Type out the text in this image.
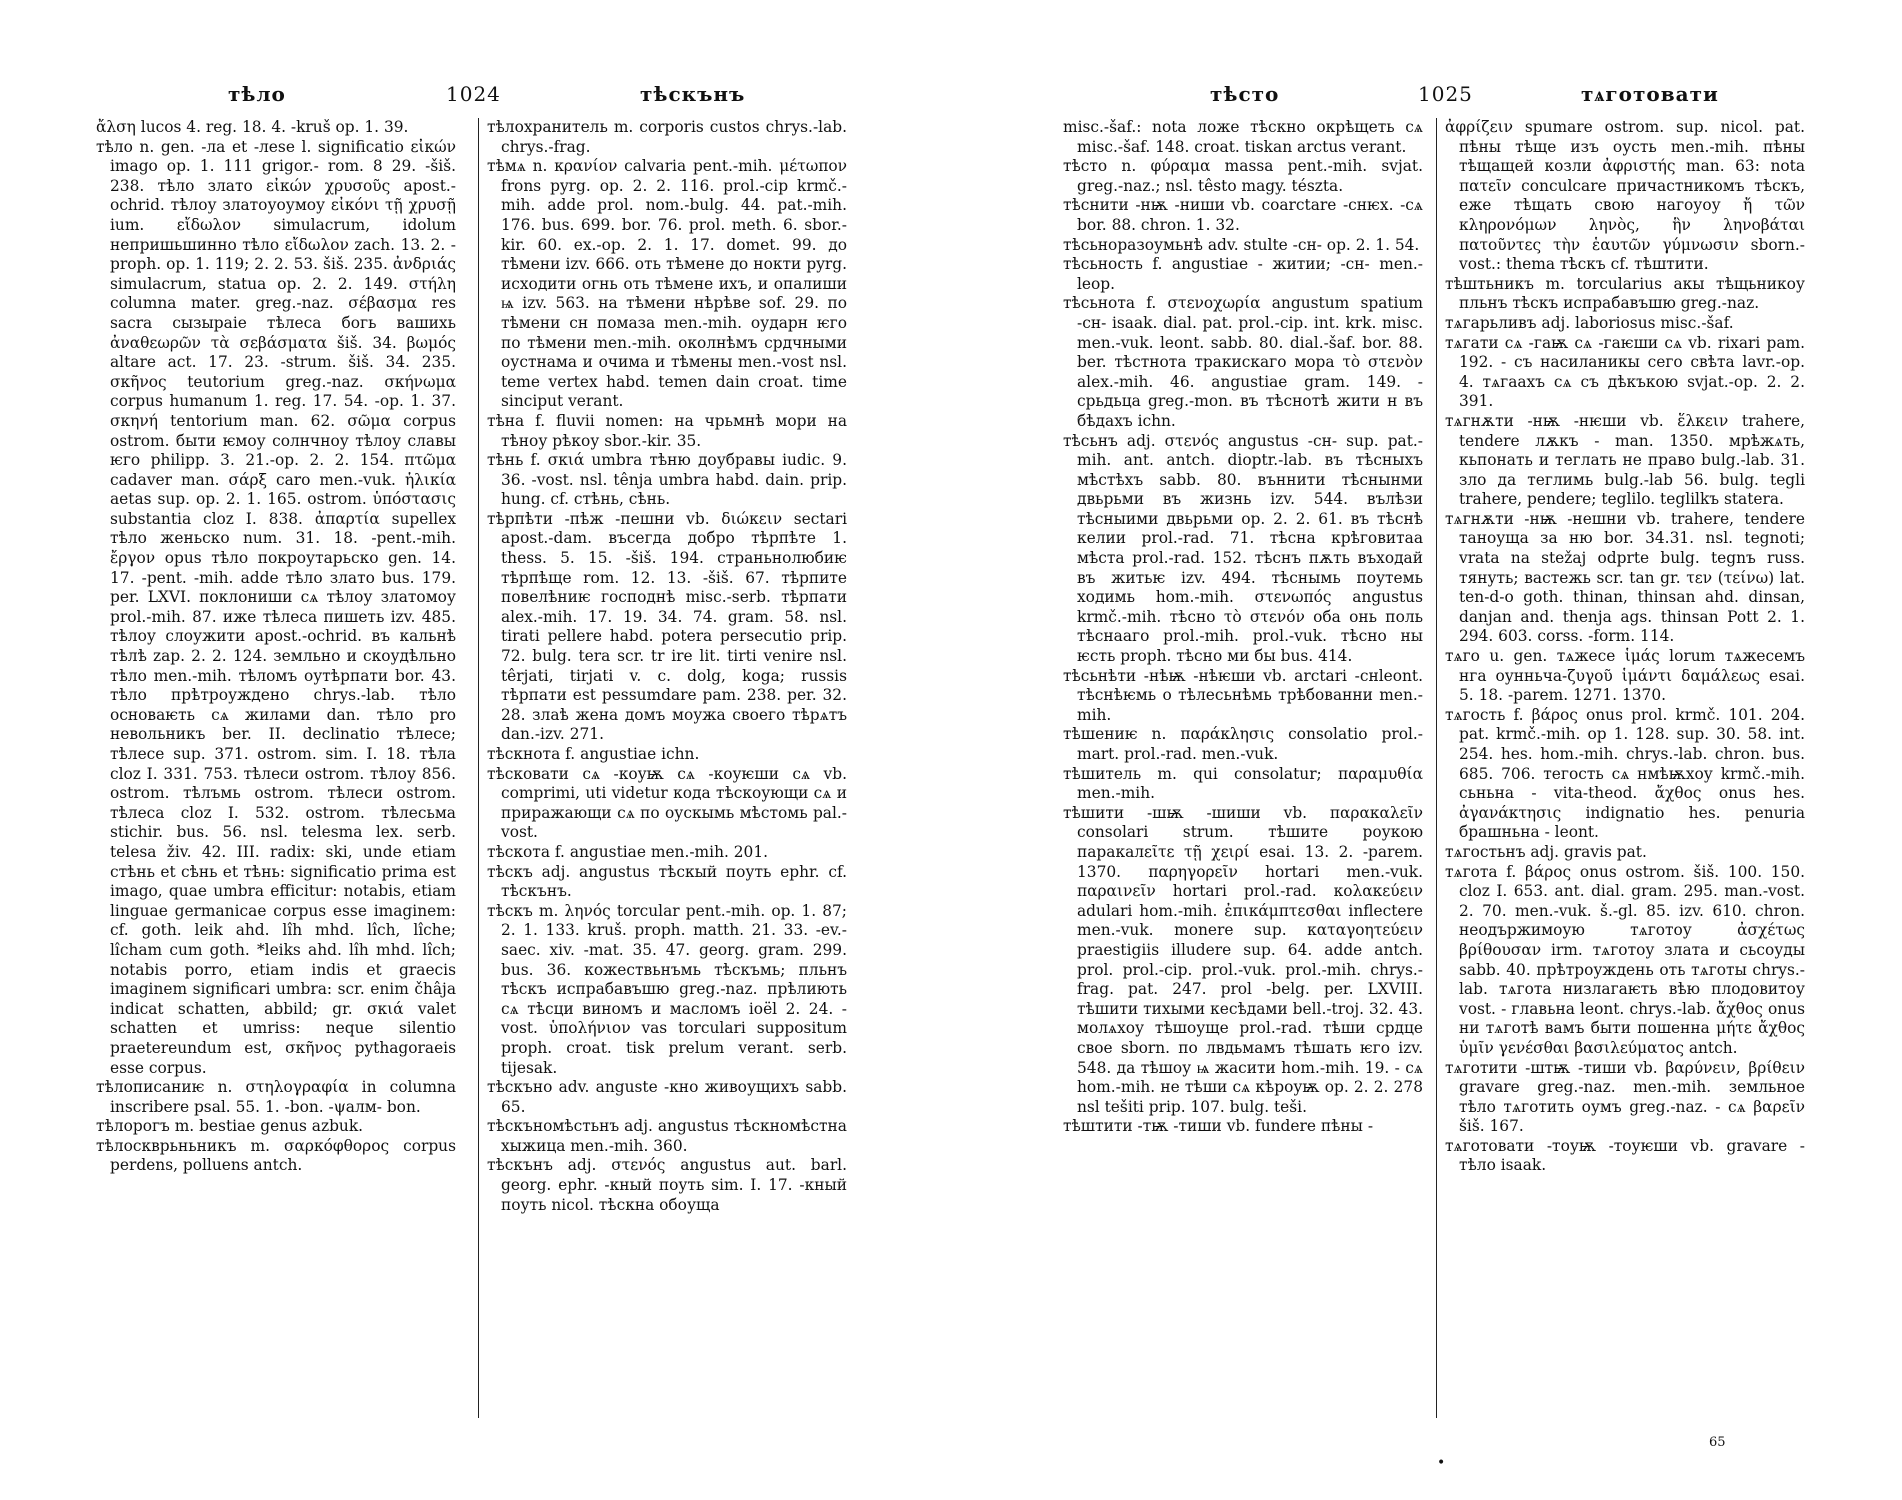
тѣло	1024	тѣскънъ

ἄλση lucos 4. reg. 18. 4. -kruš op. 1. 39.

тѣло n. gen. -лa et -леѕе l. significatio εἰκών imago op. 1. 111 grigor.- rom. 8 29. -šiš. 238. тѣло злато εἰκών χρυσοῦς apost.-ochrid. тѣлоу златоуоумоу εἰκόνι τῇ χρυσῇ ium. εἴδωλον simulacrum, idolum непришьшинно тѣло εἴδωλον zach. 13. 2. -proph. op. 1. 119; 2. 2. 53. šiš. 235. ἀνδριάς simulacrum, statua op. 2. 2. 149. στήλη columna mater. greg.-naz. σέβασμα res sacra сызыраіе тѣлеса богь вашихь ἀναθεωρῶν τὰ σεβάσματα šiš. 34. βωμός altare act. 17. 23. -strum. šiš. 34. 235. σκῆνος teutorium greg.-naz. σκήνωμα corpus humanum 1. reg. 17. 54. -op. 1. 37. σκηνή tentorium man. 62. σῶμα corpus ostrom. быти ѥмоу солнчноу тѣлоу славы ѥго philipp. 3. 21.-op. 2. 2. 154. πτῶμα cadaver man. σάρξ caro men.-vuk. ἡλικία aetas sup. op. 2. 1. 165. ostrom. ὑπόστασις substantia cloz I. 838. ἀπαρτία supellex тѣло женьско num. 31. 18. -pent.-mih. ἔργον opus тѣло покроутарьско gen. 14. 17. -pent. -mih. adde тѣло злато bus. 179. per. LXVI. поклониши сѧ тѣлоу златомоу prol.-mih. 87. иже тѣлеса пишеть izv. 485. тѣлоу слоужити apost.-ochrid. въ кальнѣ тѣлѣ zap. 2. 2. 124. земльно и скоудѣльно тѣло men.-mih. тѣломъ оутѣрпати bor. 43. тѣло прѣтроуждено chrys.-lab. тѣло основаѥть сѧ жилами dan. тѣло pro невольникъ ber. II. declinatio тѣлесе; тѣлесе sup. 371. ostrom. sim. I. 18. тѣла cloz I. 331. 753. тѣлеси ostrom. тѣлоу 856. ostrom. тѣлъмь ostrom. тѣлеси ostrom. тѣлеса cloz I. 532. ostrom. тѣлесьма stichir. bus. 56. nsl. telesma lex. serb. telesa živ. 42. III. radix: ski, unde etiam стѣнь et сѣнь et тѣнь: significatio prima est imago, quae umbra efficitur: notabis, etiam linguae germanicae corpus esse imaginem: cf. goth. leik ahd. lîh mhd. lîch, lîche; lîcham cum goth. *leiks ahd. lîh mhd. lîch; notabis porro, etiam indis et graecis imaginem significari umbra: scr. enim čhâja indicat schatten, abbild; gr. σκιά valet schatten et umriss: neque silentio praetereundum est, σκῆνος pythagoraeis esse corpus.

тѣлописаниѥ n. στηλογραφία in columna inscribere psal. 55. 1. -bon. -ψалм- bon.

тѣлорогъ m. bestiae genus azbuk.

тѣлоскврьньникъ m. σαρκόφθορος corpus perdens, polluens antch.

тѣлохранитель m. corporis custos chrys.-lab. chrys.-frag.

тѣмѧ n. κρανίον calvaria pent.-mih. μέτωπον frons pyrg. op. 2. 2. 116. prol.-cip krmč.-mih. adde prol. nom.-bulg. 44. pat.-mih. 176. bus. 699. bor. 76. prol. meth. 6. sbor.-kir. 60. ex.-op. 2. 1. 17. domet. 99. до тѣмени izv. 666. оть тѣмене до нокти pyrg. исходити огнь оть тѣмене ихъ, и опалиши ѩ izv. 563. на тѣмени нѣрѣве sof. 29. по тѣмени сн помаза men.-mih. оударн ѥго по тѣмени men.-mih. околнѣмъ срдчными оустнама и очима и тѣмены men.-vost nsl. teme vertex habd. temen dain croat. time sinciput verant.

тѣна f. fluvii nomen: на чрьмнѣ мори на тѣноу рѣкоу sbor.-kir. 35.

тѣнь f. σκιά umbra тѣню доубравы iudic. 9. 36. -vost. nsl. tênja umbra habd. dain. prip. hung. cf. стѣнь, сѣнь.

тѣрпѣти -пѣж -пешни vb. διώκειν sectari apost.-dam. въсегда добро тѣрпѣте 1. thess. 5. 15. -šiš. 194. страньнолюбиѥ тѣрпѣще rom. 12. 13. -šiš. 67. тѣрпите повелѣниѥ господнѣ misc.-serb. тѣрпати alex.-mih. 17. 19. 34. 74. gram. 58. nsl. tirati pellere habd. potera persecutio prip. 72. bulg. tera scr. tr ire lit. tirti venire nsl. têrjati, tirjati v. c. dolg, koga; russis тѣрпати est pessumdare pam. 238. per. 32. 28. злаѣ жена домъ моужа своего тѣрѧтъ dan.-izv. 271.

тѣскнота f. angustiae ichn.

тѣсковати сѧ -коуѭ сѧ -коуѥши сѧ vb. comprimi, uti videtur кода тѣскоующи сѧ и приражающи сѧ по оускымь мѣстомь pal.-vost.

тѣскота f. angustiae men.-mih. 201.

тѣскъ adj. angustus тѣскый поуть ephr. cf. тѣскънъ.

тѣскъ m. ληνός torcular pent.-mih. op. 1. 87; 2. 1. 133. kruš. proph. matth. 21. 33. -ev.-saec. xiv. -mat. 35. 47. georg. gram. 299. bus. 36. кожествьнъмь тѣскъмь; пльнъ тѣскъ испрабавъшю greg.-naz. прѣлиють сѧ тѣсци виномъ и масломъ ioël 2. 24. -vost. ὑπολήνιον vas torculari suppositum proph. croat. tisk prelum verant. serb. tijesak.

тѣскъно adv. anguste -кно живоущихъ sabb. 65.

тѣскъномѣстьнъ adj. angustus тѣскномѣстна хыжица men.-mih. 360.

тѣскънъ adj. στενός angustus aut. barl. georg. ephr. -кный поуть sim. I. 17. -кный поуть nicol. тѣскна обоуща

тѣсто	1025	тѧготовати

misc.-šaf.: nota ложе тѣскно окрѣщеть сѧ misc.-šaf. 148. croat. tiskan arctus verant.

тѣсто n. φύραμα massa pent.-mih. svjat. greg.-naz.; nsl. têsto magy. tészta.

тѣснити -нѭ -ниши vb. coarctare -снѥх. -сѧ bor. 88. chron. 1. 32.

тѣсьноразоумьнѣ adv. stulte -сн- op. 2. 1. 54.

тѣсьность f. angustiae - житии; -сн- men.-leop.

тѣсьнота f. στενοχωρία angustum spatium -сн- isaak. dial. pat. prol.-cip. int. krk. misc. men.-vuk. leont. sabb. 80. dial.-šaf. bor. 88. ber. тѣстнота тракискаго мора τὸ στενὸν alex.-mih. 46. angustiae gram. 149. - срьдьца greg.-mon. въ тѣснотѣ жити н въ бѣдахъ ichn.

тѣсьнъ adj. στενός angustus -сн- sup. pat.-mih. ant. antch. dioptr.-lab. въ тѣсныхъ мѣстѣхъ sabb. 80. въннити тѣснынми двьрьми въ жизнь izv. 544. вълѣзи тѣсныими двьрьми op. 2. 2. 61. въ тѣснѣ келии prol.-rad. 71. тѣсна крѣговитаа мѣста prol.-rad. 152. тѣснъ пѫть въходай въ житьѥ izv. 494. тѣснымь поутемь ходимь hom.-mih. στενωπός angustus krmč.-mih. тѣсно τὸ στενόν оба онь поль тѣснааго prol.-mih. prol.-vuk. тѣсно ны ѥсть proph. тѣсно ми бы bus. 414.

тѣсьнѣти -нѣѭ -нѣѥши vb. arctari -снleont. тѣснѣѥмь о тѣлесьнѣмь трѣбованни men.-mih.

тѣшениѥ n. παράκλησις consolatio prol.-mart. prol.-rad. men.-vuk.

тѣшитель m. qui consolatur; παραμυθία men.-mih.

тѣшити -шѭ -шиши vb. παρακαλεῖν consolari strum. тѣшите роукою паракалεῖτε τῇ χειρί esai. 13. 2. -parem. 1370. παρηγορεῖν hortari men.-vuk. παραινεῖν hortari prol.-rad. κολακεύειν adulari hom.-mih. ἐπικάμπτεσθαι inflectere men.-vuk. monere sup. καταγοητεύειν praestigiis illudere sup. 64. adde antch. prol. prol.-cip. prol.-vuk. prol.-mih. chrys.-frag. pat. 247. prol -belg. per. LXVIII. тѣшити тихыми кесѣдами bell.-troj. 32. 43. молѧхоу тѣшоуще prol.-rad. тѣши срдце свое sborn. по лвдьмамъ тѣшать ѥго izv. 548. да тѣшоу ѩ жасити hom.-mih. 19. - сѧ hom.-mih. не тѣши сѧ кѣроуѭ op. 2. 2. 278 nsl tešiti prip. 107. bulg. teši.

тѣштити -тѭ -тиши vb. fundere пѣны -

ἀφρίζειν spumare ostrom. sup. nicol. pat. пѣны тѣще изъ оусть men.-mih. пѣны тѣщащей козли ἀφριστής man. 63: nota πατεῖν conculcare причастникомъ тѣскъ, еже тѣщать свою нагоуоу ἤ τῶν κληρονόμων ληνὸς, ἣν ληνοβάται πατοῦντες τὴν ἑαυτῶν γύμνωσιν sborn.-vost.: thema тѣскъ cf. тѣштити.

тѣштьникъ m. torcularius акы тѣщьникоу пльнъ тѣскъ испрабавъшю greg.-naz.

тѧгарьливъ adj. laboriosus misc.-šaf.

тѧгати сѧ -гаѭ сѧ -гаѥши сѧ vb. rixari pam. 192. - съ насиланикы сего свѣта lavr.-op. 4. тѧгаахъ сѧ съ дѣкъкою svjat.-op. 2. 2. 391.

тѧгнѫти -нѭ -нѥши vb. ἕλκειν trahere, tendere лѫкъ - man. 1350. мрѣжѧть, кьпонать и теглать не право bulg.-lab. 31. зло да теглимь bulg.-lab 56. bulg. tegli trahere, pendere; teglilo. teglilkъ statera.

тѧгнѫти -нѭ -нешни vb. trahere, tendere таноуща за ню bor. 34.31. nsl. tegnoti; vrata na stežaj odprte bulg. tegnъ russ. тянуть; вастежь scr. tan gr. τεν (τείνω) lat. ten-d-o goth. thinan, thinsan ahd. dinsan, danjan and. thenja ags. thinsan Pott 2. 1. 294. 603. corss. -form. 114.

тѧго u. gen. тѧжесе ἱμάς lorum тѧжесемъ нга оунньча-ζυγοῦ ἱμάντι δαμάλεως esai. 5. 18. -parem. 1271. 1370.

тѧгость f. βάρος onus prol. krmč. 101. 204. pat. krmč.-mih. op 1. 128. sup. 30. 58. int. 254. hes. hom.-mih. chrys.-lab. chron. bus. 685. 706. тегость сѧ нмѣѭхоу krmč.-mih. сьньна - vita-theod. ἄχθος onus hes. ἀγανάκτησις indignatio hes. penuria брашньна - leont.

тѧгостьнъ adj. gravis pat.

тѧгота f. βάρος onus ostrom. šiš. 100. 150. cloz I. 653. ant. dial. gram. 295. man.-vost. 2. 70. men.-vuk. š.-gl. 85. izv. 610. chron. неодържимоую тѧготоу ἀσχέτως βρίθουσαν irm. тѧготоу злата и сьсоуды sabb. 40. прѣтроуждень оть тѧготы chrys.-lab. тѧгота низлагаѥть вѣю плодовитоу vost. - главьна leont. chrys.-lab. ἄχθος onus ни тѧготѣ вамъ быти пошенна μήτε ἄχθος ὑμῖν γενέσθαι βασιλεύματος antch.

тѧготити -штѭ -тиши vb. βαρύνειν, βρίθειν gravare greg.-naz. men.-mih. земльное тѣло тѧготить оумъ greg.-naz. - сѧ βαρεῖν šiš. 167.

тѧготовати -тоуѭ -тоуѥши vb. gravare - тѣло isaak.

65
•
